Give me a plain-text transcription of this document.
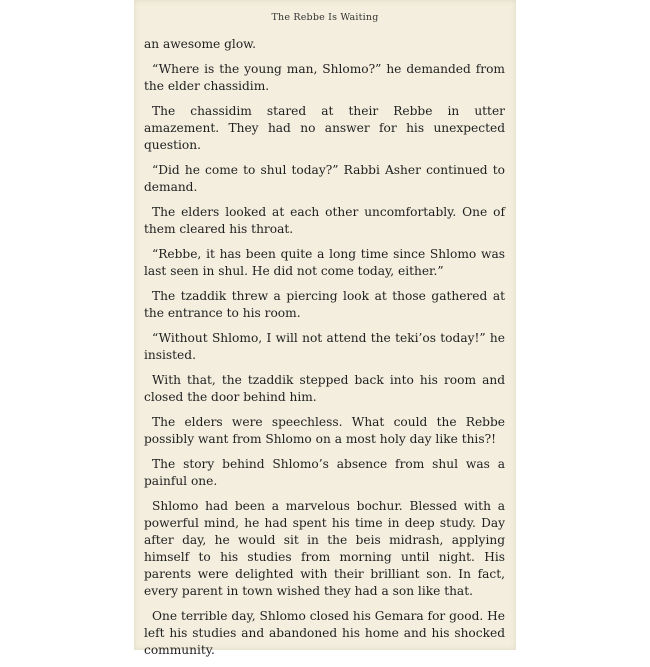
The Rebbe Is Waiting

an awesome glow.

“Where is the young man, Shlomo?” he demanded from the elder chassidim.

The chassidim stared at their Rebbe in utter amazement. They had no answer for his unexpected question.

“Did he come to shul today?” Rabbi Asher continued to demand.

The elders looked at each other uncomfortably. One of them cleared his throat.

“Rebbe, it has been quite a long time since Shlomo was last seen in shul. He did not come today, either.”

The tzaddik threw a piercing look at those gathered at the entrance to his room.

“Without Shlomo, I will not attend the teki’os today!” he insisted.

With that, the tzaddik stepped back into his room and closed the door behind him.

The elders were speechless. What could the Rebbe possibly want from Shlomo on a most holy day like this?!

The story behind Shlomo’s absence from shul was a painful one.

Shlomo had been a marvelous bochur. Blessed with a powerful mind, he had spent his time in deep study. Day after day, he would sit in the beis midrash, applying himself to his studies from morning until night. His parents were delighted with their brilliant son. In fact, every parent in town wished they had a son like that.

One terrible day, Shlomo closed his Gemara for good. He left his studies and abandoned his home and his shocked community.
